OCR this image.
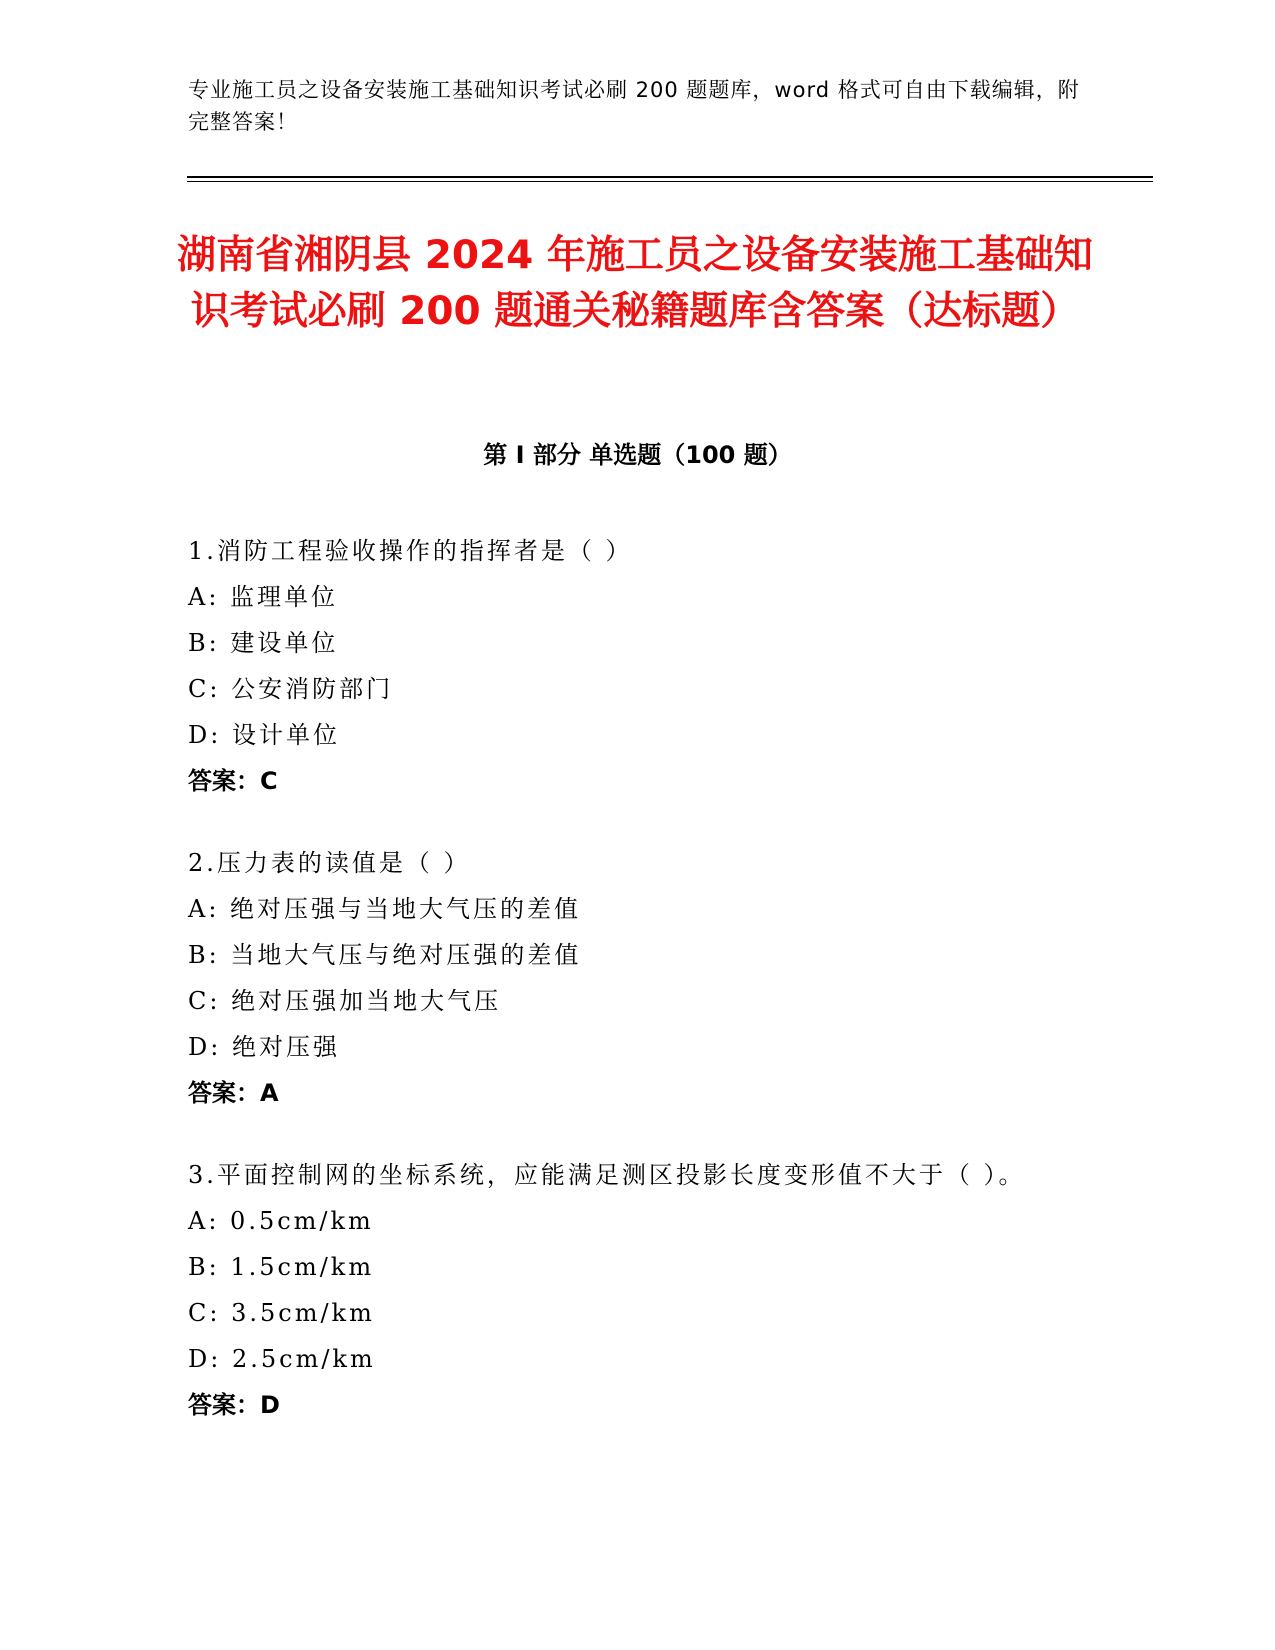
专业施工员之设备安装施工基础知识考试必刷 200 题题库，word 格式可自由下载编辑，附完整答案！
湖南省湘阴县 2024 年施工员之设备安装施工基础知识考试必刷 200 题通关秘籍题库含答案（达标题）
第 I 部分 单选题（100 题）
1.消防工程验收操作的指挥者是（ ）
A: 监理单位
B: 建设单位
C: 公安消防部门
D: 设计单位
答案：C
2.压力表的读值是（ ）
A: 绝对压强与当地大气压的差值
B: 当地大气压与绝对压强的差值
C: 绝对压强加当地大气压
D: 绝对压强
答案：A
3.平面控制网的坐标系统，应能满足测区投影长度变形值不大于（ ）。
A: 0.5cm/km
B: 1.5cm/km
C: 3.5cm/km
D: 2.5cm/km
答案：D
